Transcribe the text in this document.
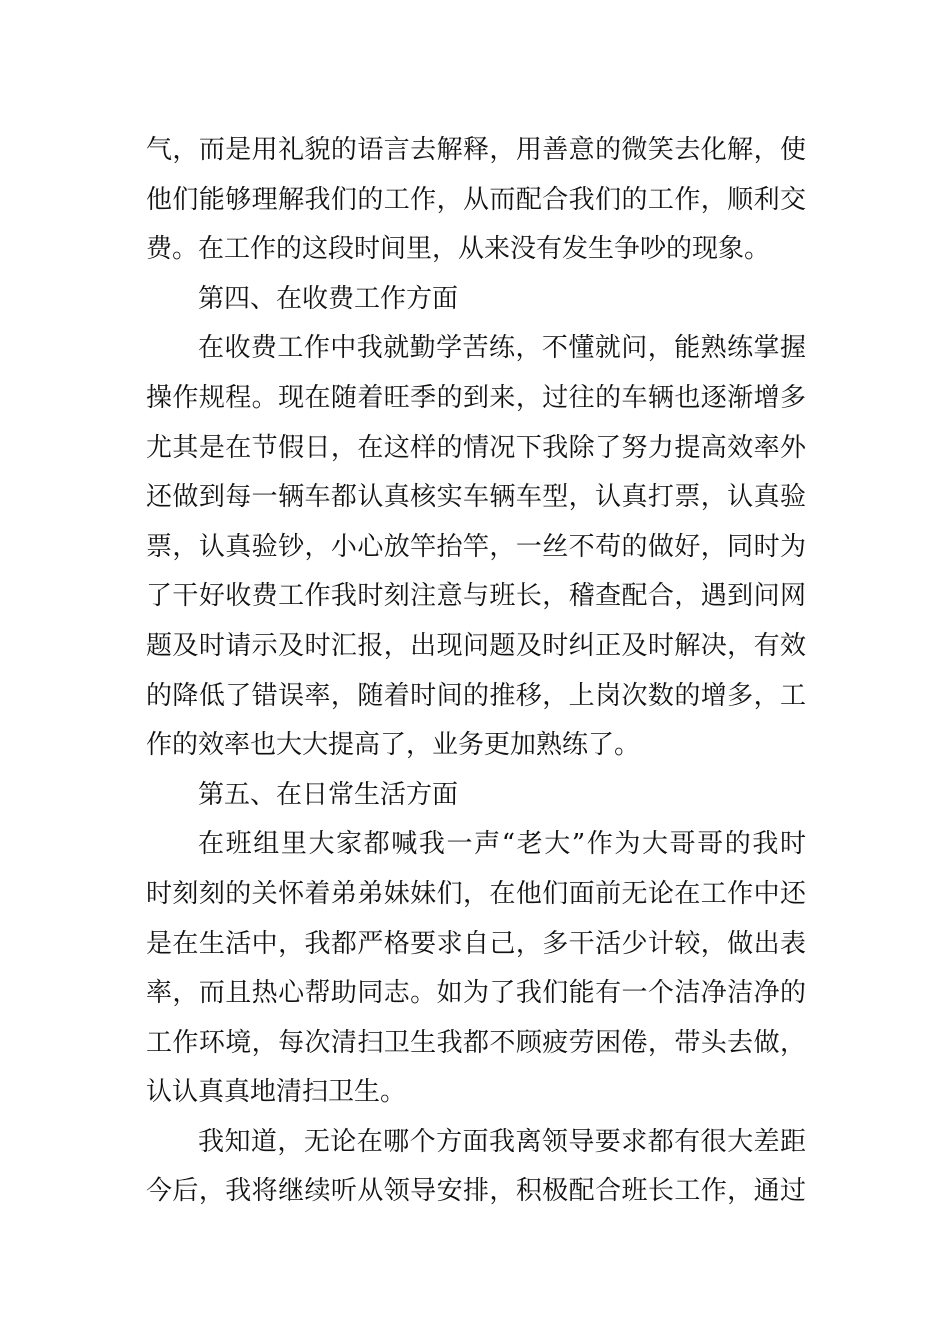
气，而是用礼貌的语言去解释，用善意的微笑去化解，使
他们能够理解我们的工作，从而配合我们的工作，顺利交
费。在工作的这段时间里，从来没有发生争吵的现象。
第四、在收费工作方面
在收费工作中我就勤学苦练，不懂就问，能熟练掌握
操作规程。现在随着旺季的到来，过往的车辆也逐渐增多
尤其是在节假日，在这样的情况下我除了努力提高效率外
还做到每一辆车都认真核实车辆车型，认真打票，认真验
票，认真验钞，小心放竿抬竿，一丝不苟的做好，同时为
了干好收费工作我时刻注意与班长，稽查配合，遇到问网
题及时请示及时汇报，出现问题及时纠正及时解决，有效
的降低了错误率，随着时间的推移，上岗次数的增多，工
作的效率也大大提高了，业务更加熟练了。
第五、在日常生活方面
在班组里大家都喊我一声“老大”作为大哥哥的我时
时刻刻的关怀着弟弟妹妹们，在他们面前无论在工作中还
是在生活中，我都严格要求自己，多干活少计较，做出表
率，而且热心帮助同志。如为了我们能有一个洁净洁净的
工作环境，每次清扫卫生我都不顾疲劳困倦，带头去做，
认认真真地清扫卫生。
我知道，无论在哪个方面我离领导要求都有很大差距
今后，我将继续听从领导安排，积极配合班长工作，通过
